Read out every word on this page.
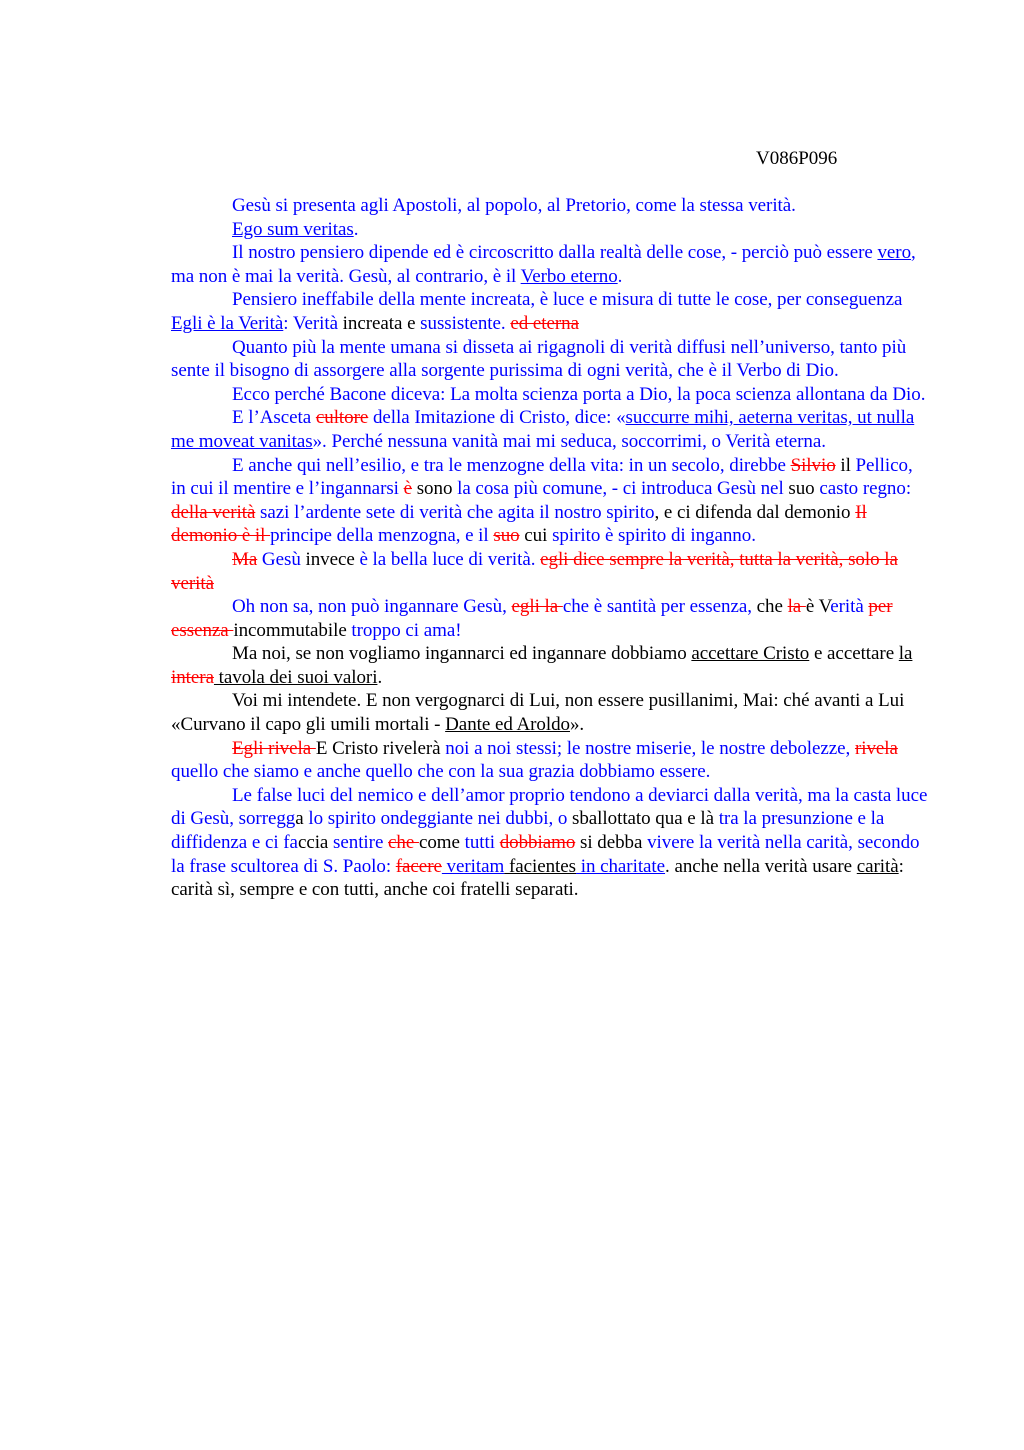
V086P096

Gesù si presenta agli Apostoli, al popolo, al Pretorio, come la stessa verità.

Ego sum veritas.

Il nostro pensiero dipende ed è circoscritto dalla realtà delle cose, - perciò può essere vero, ma non è mai la verità. Gesù, al contrario, è il Verbo eterno.

Pensiero ineffabile della mente increata, è luce e misura di tutte le cose, per conseguenza Egli è la Verità: Verità increata e sussistente. ed eterna

Quanto più la mente umana si disseta ai rigagnoli di verità diffusi nell’universo, tanto più sente il bisogno di assorgere alla sorgente purissima di ogni verità, che è il Verbo di Dio.

Ecco perché Bacone diceva: La molta scienza porta a Dio, la poca scienza allontana da Dio.

E l’Asceta cultore della Imitazione di Cristo, dice: «succurre mihi, aeterna veritas, ut nulla me moveat vanitas». Perché nessuna vanità mai mi seduca, soccorrimi, o Verità eterna.

E anche qui nell’esilio, e tra le menzogne della vita: in un secolo, direbbe Silvio il Pellico, in cui il mentire e l’ingannarsi è sono la cosa più comune, - ci introduca Gesù nel suo casto regno: della verità sazi l’ardente sete di verità che agita il nostro spirito, e ci difenda dal demonio Il demonio è il principe della menzogna, e il suo cui spirito è spirito di inganno.

Ma Gesù invece è la bella luce di verità. egli dice sempre la verità, tutta la verità, solo la verità

Oh non sa, non può ingannare Gesù, egli la che è santità per essenza, che la è Verità per essenza incommutabile troppo ci ama!

Ma noi, se non vogliamo ingannarci ed ingannare dobbiamo accettare Cristo e accettare la intera tavola dei suoi valori.

Voi mi intendete. E non vergognarci di Lui, non essere pusillanimi, Mai: ché avanti a Lui «Curvano il capo gli umili mortali - Dante ed Aroldo».

Egli rivela E Cristo rivelerà noi a noi stessi; le nostre miserie, le nostre debolezze, rivela quello che siamo e anche quello che con la sua grazia dobbiamo essere.

Le false luci del nemico e dell’amor proprio tendono a deviarci dalla verità, ma la casta luce di Gesù, sorregga lo spirito ondeggiante nei dubbi, o sballottato qua e là tra la presunzione e la diffidenza e ci faccia sentire che come tutti dobbiamo si debba vivere la verità nella carità, secondo la frase scultorea di S. Paolo: facere veritam facientes in charitate. anche nella verità usare carità: carità sì, sempre e con tutti, anche coi fratelli separati.
